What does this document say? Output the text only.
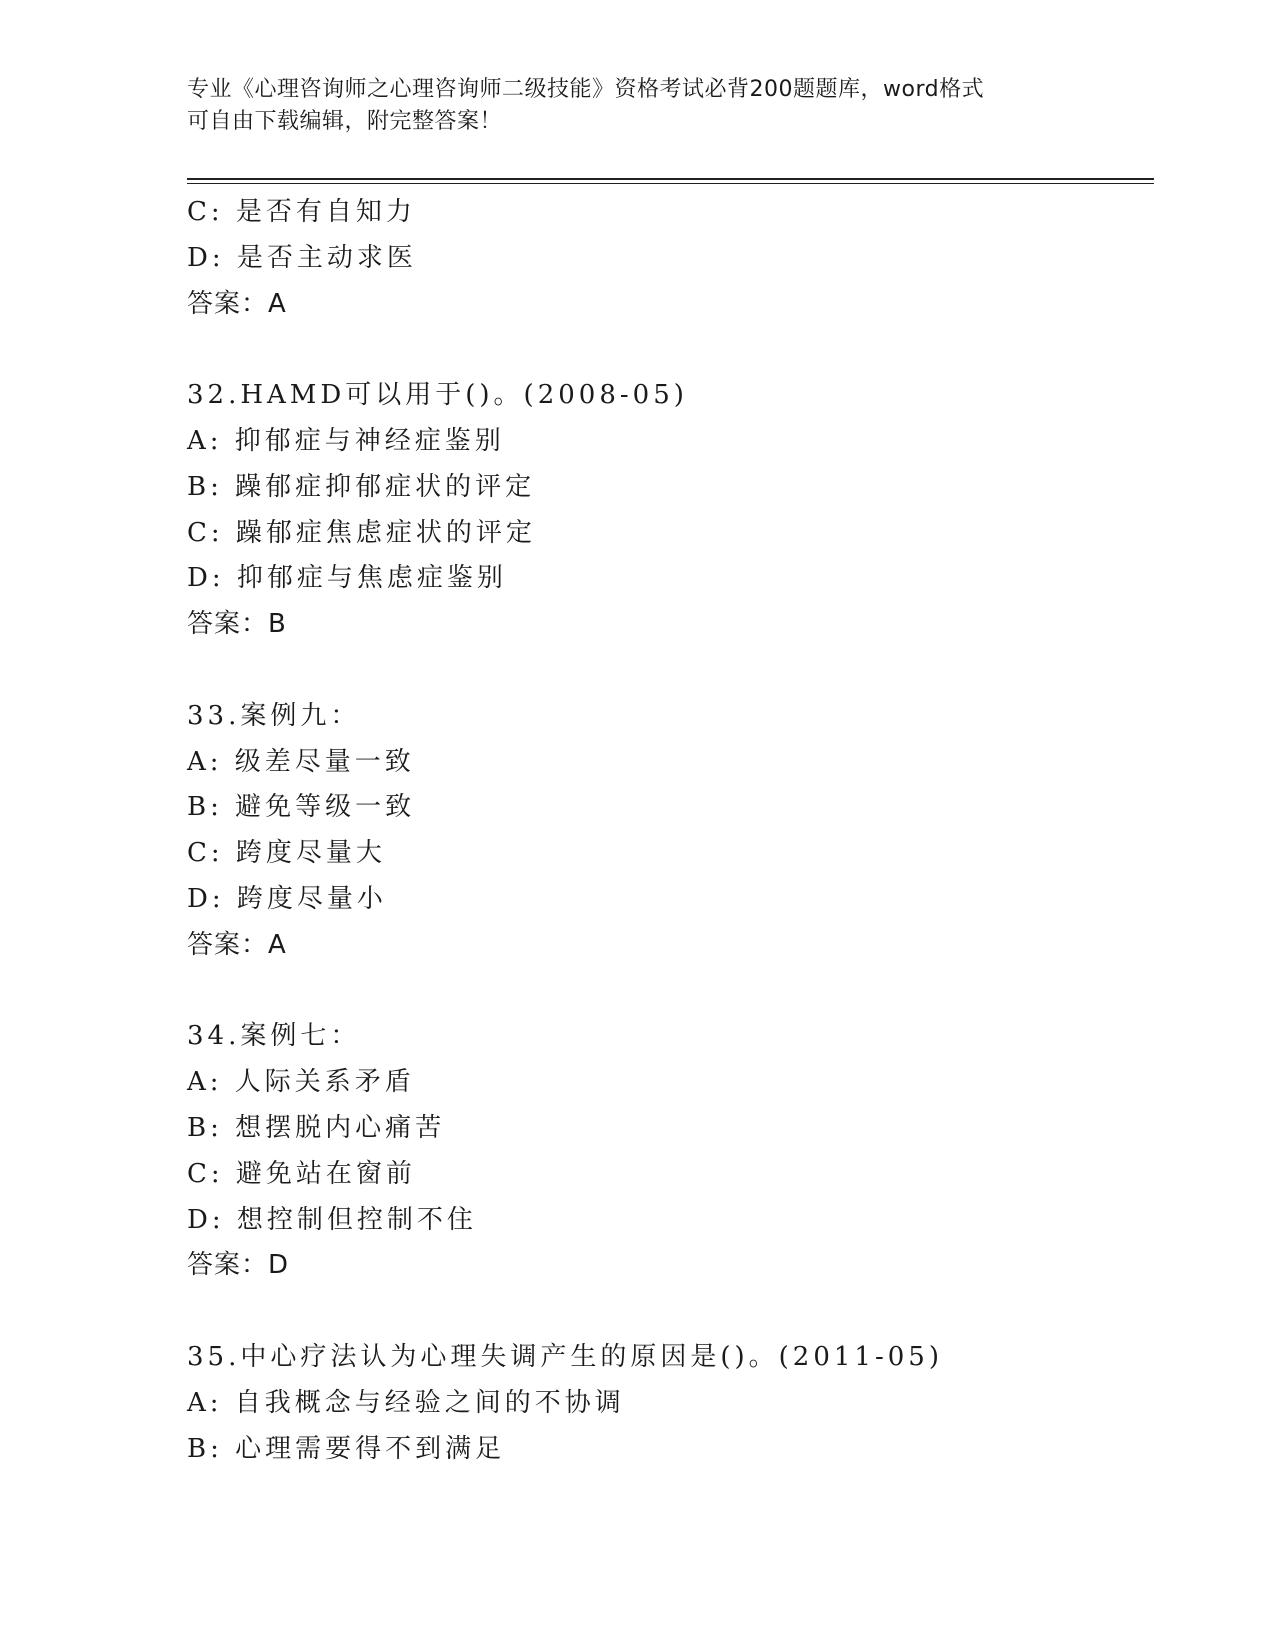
专业《心理咨询师之心理咨询师二级技能》资格考试必背200题题库，word格式
可自由下载编辑，附完整答案！
C: 是否有自知力
D: 是否主动求医
答案：A
32.HAMD可以用于()。(2008-05)
A: 抑郁症与神经症鉴别
B: 躁郁症抑郁症状的评定
C: 躁郁症焦虑症状的评定
D: 抑郁症与焦虑症鉴别
答案：B
33.案例九：
A: 级差尽量一致
B: 避免等级一致
C: 跨度尽量大
D: 跨度尽量小
答案：A
34.案例七：
A: 人际关系矛盾
B: 想摆脱内心痛苦
C: 避免站在窗前
D: 想控制但控制不住
答案：D
35.中心疗法认为心理失调产生的原因是()。(2011-05)
A: 自我概念与经验之间的不协调
B: 心理需要得不到满足
